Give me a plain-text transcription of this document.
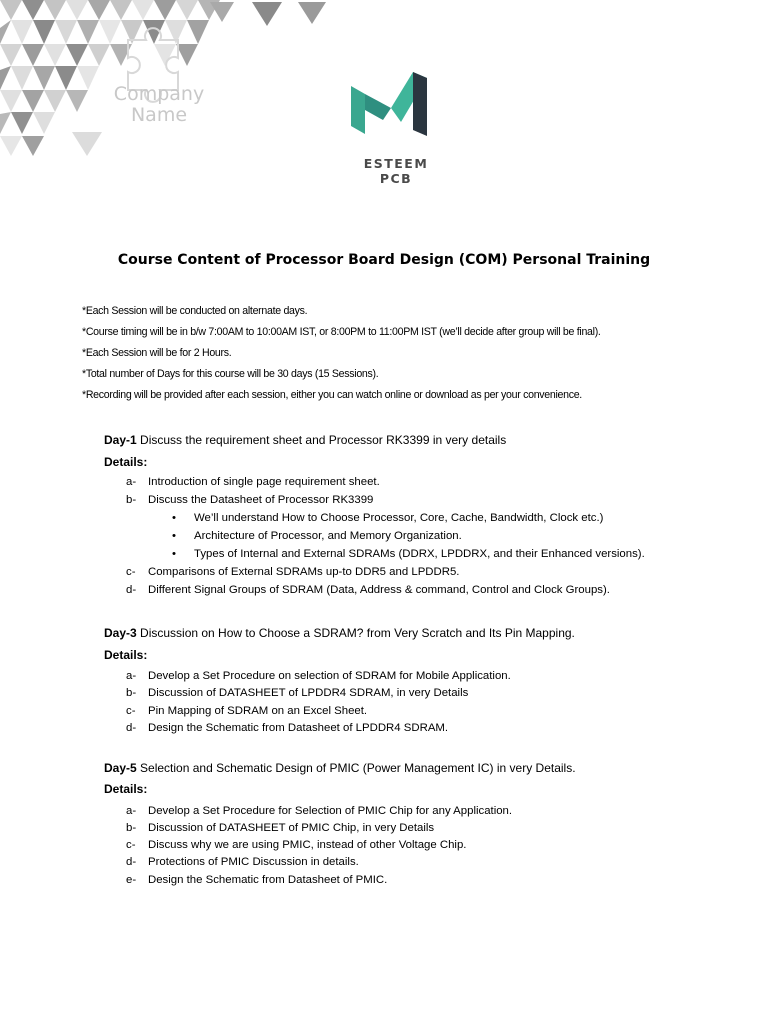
Company
Name
ESTEEM PCB
Course Content of Processor Board Design (COM) Personal Training
*Each Session will be conducted on alternate days.
*Course timing will be in b/w 7:00AM to 10:00AM IST, or 8:00PM to 11:00PM IST (we’ll decide after group will be final).
*Each Session will be for 2 Hours.
*Total number of Days for this course will be 30 days (15 Sessions).
*Recording will be provided after each session, either you can watch online or download as per your convenience.
Day-1 Discuss the requirement sheet and Processor RK3399 in very details
Details:
a- Introduction of single page requirement sheet.
b- Discuss the Datasheet of Processor RK3399
• We’ll understand How to Choose Processor, Core, Cache, Bandwidth, Clock etc.)
• Architecture of Processor, and Memory Organization.
• Types of Internal and External SDRAMs (DDRX, LPDDRX, and their Enhanced versions).
c- Comparisons of External SDRAMs up-to DDR5 and LPDDR5.
d- Different Signal Groups of SDRAM (Data, Address & command, Control and Clock Groups).
Day-3 Discussion on How to Choose a SDRAM? from Very Scratch and Its Pin Mapping.
Details:
a- Develop a Set Procedure on selection of SDRAM for Mobile Application.
b- Discussion of DATASHEET of LPDDR4 SDRAM, in very Details
c- Pin Mapping of SDRAM on an Excel Sheet.
d- Design the Schematic from Datasheet of LPDDR4 SDRAM.
Day-5 Selection and Schematic Design of PMIC (Power Management IC) in very Details.
Details:
a- Develop a Set Procedure for Selection of PMIC Chip for any Application.
b- Discussion of DATASHEET of PMIC Chip, in very Details
c- Discuss why we are using PMIC, instead of other Voltage Chip.
d- Protections of PMIC Discussion in details.
e- Design the Schematic from Datasheet of PMIC.
